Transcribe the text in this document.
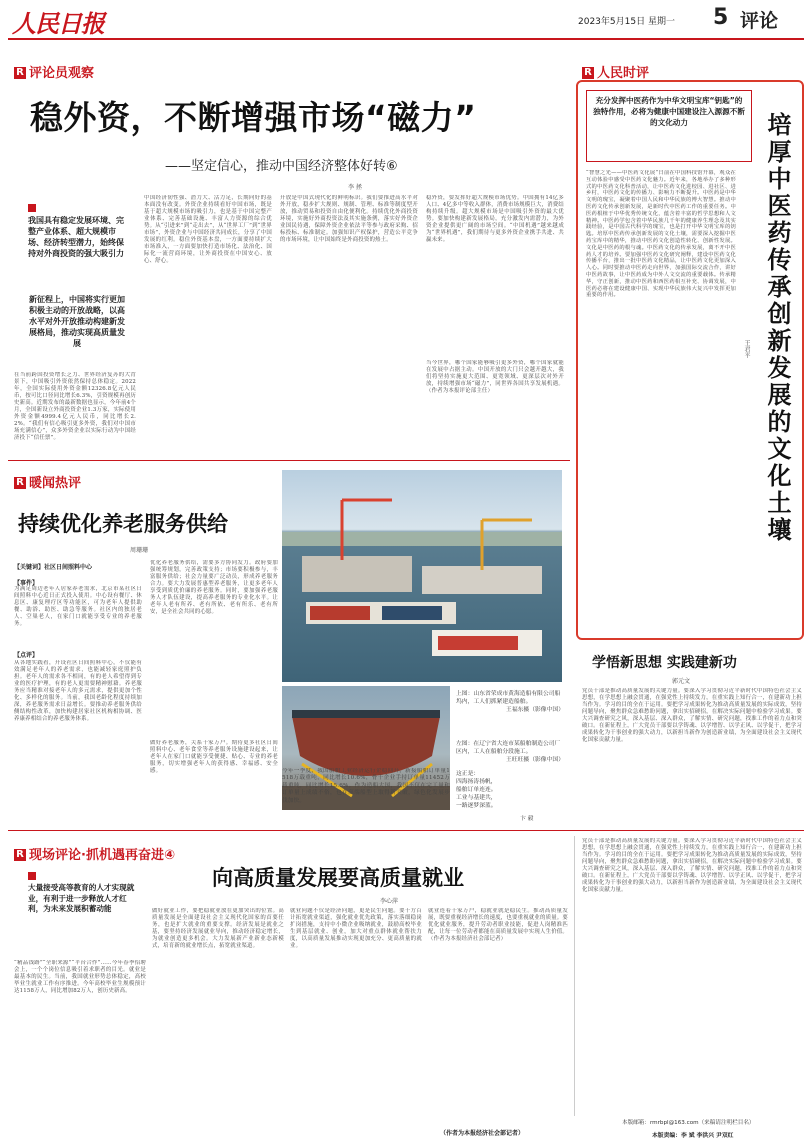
人民日报	2023年5月15日 星期一 5 评论
R 评论员观察
稳外资，不断增强市场“磁力”
——坚定信心，推动中国经济整体好转⑥
李 拯
我国具有稳定发展环境、完整产业体系、超大规模市场、经济转型潜力，始终保持对外商投资的强大吸引力
新征程上，中国将实行更加积极主动的开放战略，以高水平对外开放推动构建新发展格局，推动实现高质量发展
在当前跨国投资增长乏力、世界经济复苏的大背景下，中国吸引外资依然保持总体稳定。2022年，全国实际使用外资金额12326.8亿元人民币，按可比口径同比增长6.3%，引资规模再创历史新高。近期发布的最新数据也显示，今年前4个月，全国新设立外商投资企业1.3万家，实际使用外资金额4999.4亿元人民币，同比增长2.2%。“我们有信心吸引更多外资，我们对中国市场充满信心”，众多外资企业以实际行动为中国经济投下“信任票”。
中国经济韧性强、潜力大、活力足，长期向好的基本面没有改变。外资企业持续看好中国市场，既是基于超大规模市场的吸引力，也是基于中国完整产业体系、完善基础设施、丰富人力资源的综合优势。从“引进来”到“走出去”，从“世界工厂”到“世界市场”，外资企业与中国经济共同成长，分享了中国发展的红利。稳住外资基本盘，一方面要持续扩大市场准入，一方面要加快打造市场化、法治化、国际化一流营商环境，让外商投资在中国安心、放心、舒心。
开放是中国式现代化的鲜明标识。我们要推进高水平对外开放，稳步扩大规则、规制、管理、标准等制度型开放，推动贸易和投资自由化便利化。持续优化外商投资环境，实施好外商投资法及其实施条例，落实好外资企业国民待遇，保障外资企业依法平等参与政府采购、招标投标、标准制定。加强知识产权保护，营造公平竞争的市场环境，让中国始终是外商投资的热土。
稳外资，要发挥好超大规模市场优势。中国拥有14亿多人口、4亿多中等收入群体，消费市场规模巨大，消费结构持续升级。超大规模市场是中国吸引外资的最大优势。要加快构建新发展格局，充分激发内需潜力，为外资企业提供更广阔的市场空间。“中国机遇”越来越成为“世界机遇”，我们期待与更多外资企业携手共进、共赢未来。
当今世界，哪个国家能够吸引更多外资，哪个国家就能在发展中占据主动。中国开放的大门只会越开越大，我们将坚持实施更大范围、更宽领域、更深层次对外开放，持续增强市场“磁力”，同世界各国共享发展机遇。（作者为本报评论部主任）
R 人民时评
充分发挥中医药作为中华文明宝库“钥匙”的独特作用，必将为健康中国建设注入源源不断的文化动力	培厚中医药传承创新发展的文化土壤
王君平
“智慧之光——中医药文化展”日前在中国科技馆开幕，观众在互动体验中感受中医药文化魅力。近年来，各地举办了多种形式的中医药文化科普活动，让中医药文化进校园、进社区、进乡村，中医药文化的传播力、影响力不断提升。中医药是中华文明的瑰宝，凝聚着中国人民和中华民族的博大智慧。推动中医药文化传承创新发展，是新时代中医药工作的重要任务。中医药根植于中华优秀传统文化，蕴含着丰富的哲学思想和人文精神。中医药学包含着中华民族几千年的健康养生理念及其实践经验，是中国古代科学的瑰宝，也是打开中华文明宝库的钥匙。培厚中医药传承创新发展的文化土壤，需要深入挖掘中医药宝库中的精华，推动中医药文化创造性转化、创新性发展。文化是中医药的根与魂。中医药文化的传承发展，离不开中医药人才的培养。要加强中医药文化研究阐释，建设中医药文化传播平台，推出一批中医药文化精品，让中医药文化更加深入人心。同时要推动中医药走向世界，加强国际交流合作，讲好中医药故事，让中医药成为中外人文交流的重要载体。传承精华，守正创新，推动中医药和西医药相互补充、协调发展，中医药必将在建设健康中国、实现中华民族伟大复兴中发挥更加重要的作用。
R 暖闻热评
持续优化养老服务供给
周珊珊
【关键词】社区日间照料中心
【事件】
为满足周边老年人居家养老需求，北京市某社区日间照料中心近日正式投入使用。中心设有餐厅、休息区、康复理疗区等功能区，可为老年人提供助餐、助浴、助医、助急等服务。社区内的独居老人、空巢老人，在家门口就能享受专业的养老服务。
【点评】
从各地实践看，开设社区日间照料中心，不仅能有效满足老年人的养老需求，也能减轻家庭照护负担。老年人的需求各不相同，有的老人希望得到专业的医疗护理，有的老人更需要精神慰藉。养老服务应当精准对接老年人的多元需求，提供更加个性化、多样化的服务。当前，我国老龄化程度持续加深，养老服务需求日益增长。要推动养老服务供给侧结构性改革，加快构建居家社区机构相协调、医养康养相结合的养老服务体系。
优化养老服务供给，需要多方协同发力。政府要加强统筹规划，完善政策支持；市场要积极参与，丰富服务供给；社会力量要广泛动员，形成养老服务合力。要大力发展普惠型养老服务，让更多老年人享受到质优价廉的养老服务。同时，要加强养老服务人才队伍建设，提高养老服务的专业化水平。让老年人老有所养、老有所依、老有所乐、老有所安，是全社会共同的心愿。
做好养老服务，关系千家万户。期待更多社区日间照料中心、老年食堂等养老服务设施建设起来，让老年人在家门口就能享受便捷、贴心、专业的养老服务，切实增强老年人的获得感、幸福感、安全感。
上图：山东省荣成市黄海造船有限公司船坞内，工人们抓紧建造船舶。
王福东摄（影像中国）
左图：在辽宁省大连市某船舶制造公司厂区内，工人在船舶分段施工。
王旺旺摄（影像中国）
今年一季度，我国船舶工业经济运行企稳回升，新接船舶订单量1518万载重吨，同比增长10.6%，骨干企业手持订单量11452万载重吨，同比增长15.6%。作为造船大国，我国不仅在完工量和订单量上成绩不俗，也在高端船型上取得新突破，绿色化发展步伐加快。
这正是：
四海扬涛扬帆，
船舶订单连连。
工业与基建共，
一路逐梦深蓝。
卞 毅
学悟新思想 实践建新功
郭元文
党员干部是推动高质量发展的关键力量。要深入学习贯彻习近平新时代中国特色社会主义思想，在学思想上融会贯通，在强党性上持续发力，在重实践上知行合一，在建新功上担当作为。学习的目的全在于运用。要把学习成果转化为推动高质量发展的实际成效，坚持问题导向，聚焦群众急难愁盼问题，拿出实招硬招，在解决实际问题中检验学习成果。要大兴调查研究之风，深入基层、深入群众，了解实情、研究问题，找准工作的着力点和突破口。在新征程上，广大党员干部要以学铸魂、以学增智、以学正风、以学促干，把学习成果转化为干事创业的强大动力，以新担当新作为创造新业绩，为全面建设社会主义现代化国家贡献力量。
R 现场评论·抓机遇再奋进④
向高质量发展要高质量就业
李心萍
大量接受高等教育的人才实现就业，有利于进一步释放人才红利，为未来发展积蓄动能
“精品钱路”“全职来源”“平台合作”……今年春季招聘会上，一个个岗位信息吸引着求职者的目光。就业是最基本的民生。当前，我国就业形势总体稳定，高校毕业生就业工作有序推进。今年高校毕业生规模预计达1158万人，同比增加82万人，创历史新高。
做好就业工作，要把稳就业放在更加突出的位置。高质量发展是全面建设社会主义现代化国家的首要任务，也是扩大就业的重要支撑。经济发展是就业之基，要坚持经济发展就业导向，推动经济稳定增长，为就业创造更多机会。大力发展新产业新业态新模式，培育新的就业增长点，拓宽就业渠道。
就业问题不仅是经济问题，更是民生问题。要千方百计拓宽就业渠道，强化就业优先政策，落实落细稳岗扩岗措施，支持中小微企业吸纳就业，鼓励高校毕业生到基层就业、创业，加大对重点群体就业帮扶力度，以高质量发展推动实现更加充分、更高质量的就业。
就业连着千家万户，稳就业就是稳民生。推动高质量发展，既要重视经济增长的速度，也要重视就业的质量。要优化就业服务，提升劳动者职业技能，促进人岗精准匹配，让每一位劳动者都能在高质量发展中实现人生价值。（作者为本报经济社会部记者）
（作者为本报经济社会部记者）
党员干部是推动高质量发展的关键力量。要深入学习贯彻习近平新时代中国特色社会主义思想，在学思想上融会贯通，在强党性上持续发力，在重实践上知行合一，在建新功上担当作为。学习的目的全在于运用。要把学习成果转化为推动高质量发展的实际成效，坚持问题导向，聚焦群众急难愁盼问题，拿出实招硬招，在解决实际问题中检验学习成果。要大兴调查研究之风，深入基层、深入群众，了解实情、研究问题，找准工作的着力点和突破口。在新征程上，广大党员干部要以学铸魂、以学增智、以学正风、以学促干，把学习成果转化为干事创业的强大动力，以新担当新作为创造新业绩，为全面建设社会主义现代化国家贡献力量。
本版邮箱：rmrbpl@163.com（来稿请注明栏目名）
本版责编：李 斌 李洪兴 尹双红
